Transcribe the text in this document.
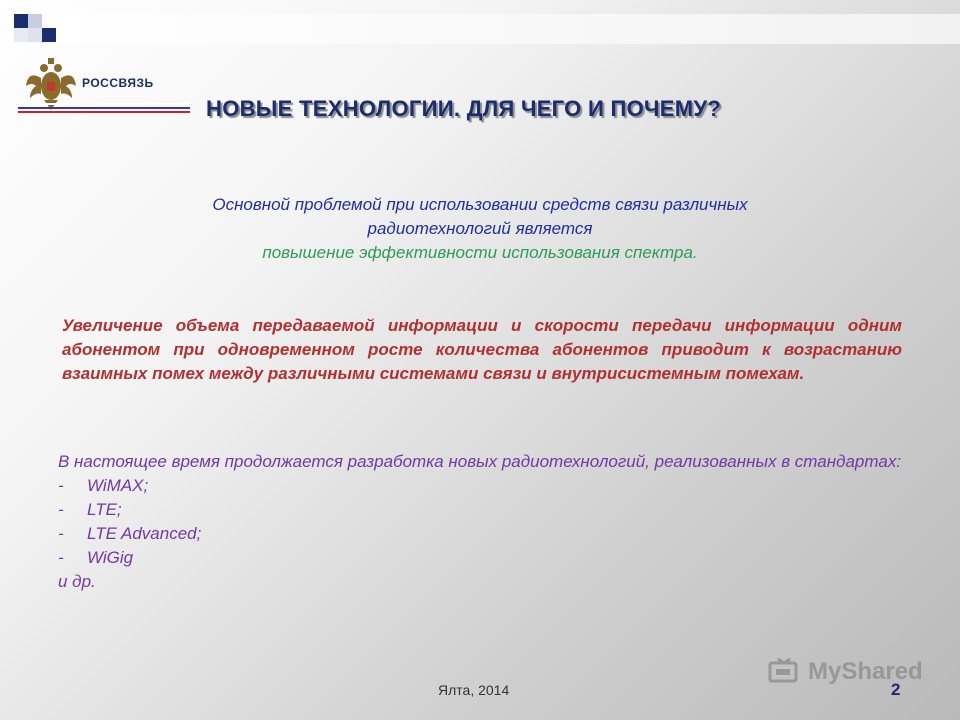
РОССВЯЗЬ
НОВЫЕ ТЕХНОЛОГИИ. ДЛЯ ЧЕГО И ПОЧЕМУ?
Основной проблемой при использовании средств связи различных
радиотехнологий является
повышение эффективности использования спектра.
Увеличение объема передаваемой информации и скорости передачи информации одним абонентом при одновременном росте количества абонентов приводит к возрастанию взаимных помех между различными системами связи и внутрисистемным помехам.
В настоящее время продолжается разработка новых радиотехнологий, реализованных в стандартах:
-	WiMAX;
-	LTE;
-	LTE Advanced;
-	WiGig
и др.
MyShared
Ялта, 2014	2
